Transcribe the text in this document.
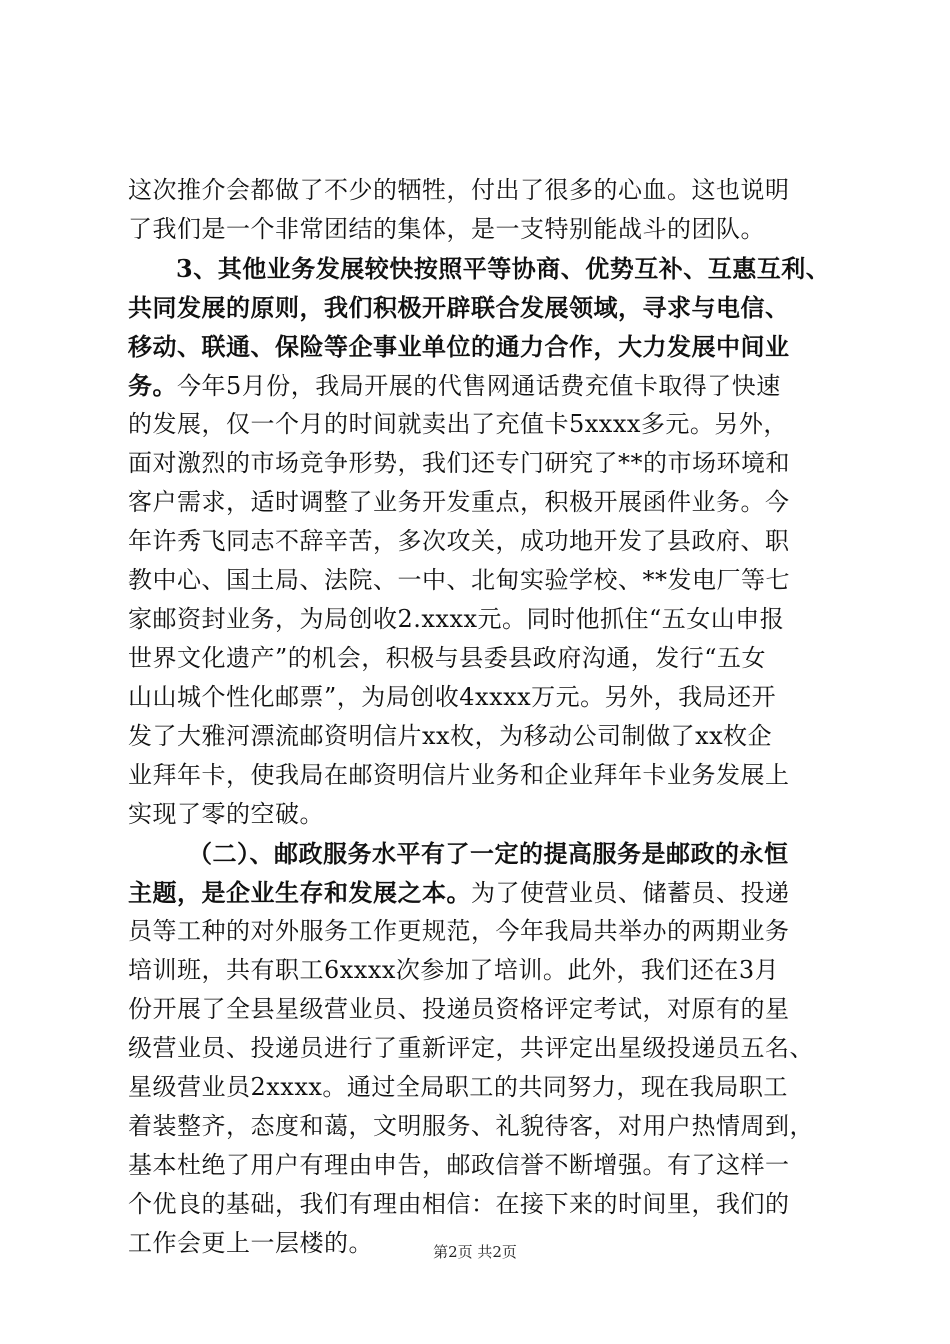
这次推介会都做了不少的牺牲，付出了很多的心血。这也说明
了我们是一个非常团结的集体，是一支特别能战斗的团队。
3、其他业务发展较快按照平等协商、优势互补、互惠互利、
共同发展的原则，我们积极开辟联合发展领域，寻求与电信、
移动、联通、保险等企事业单位的通力合作，大力发展中间业
务。今年5月份，我局开展的代售网通话费充值卡取得了快速
的发展，仅一个月的时间就卖出了充值卡5xxxx多元。另外，
面对激烈的市场竞争形势，我们还专门研究了**的市场环境和
客户需求，适时调整了业务开发重点，积极开展函件业务。今
年许秀飞同志不辞辛苦，多次攻关，成功地开发了县政府、职
教中心、国土局、法院、一中、北甸实验学校、**发电厂等七
家邮资封业务，为局创收2.xxxx元。同时他抓住“五女山申报
世界文化遗产”的机会，积极与县委县政府沟通，发行“五女
山山城个性化邮票”，为局创收4xxxx万元。另外，我局还开
发了大雅河漂流邮资明信片xx枚，为移动公司制做了xx枚企
业拜年卡，使我局在邮资明信片业务和企业拜年卡业务发展上
实现了零的空破。
（二）、邮政服务水平有了一定的提高服务是邮政的永恒
主题，是企业生存和发展之本。为了使营业员、储蓄员、投递
员等工种的对外服务工作更规范，今年我局共举办的两期业务
培训班，共有职工6xxxx次参加了培训。此外，我们还在3月
份开展了全县星级营业员、投递员资格评定考试，对原有的星
级营业员、投递员进行了重新评定，共评定出星级投递员五名、
星级营业员2xxxx。通过全局职工的共同努力，现在我局职工
着装整齐，态度和蔼，文明服务、礼貌待客，对用户热情周到，
基本杜绝了用户有理由申告，邮政信誉不断增强。有了这样一
个优良的基础，我们有理由相信：在接下来的时间里，我们的
工作会更上一层楼的。	第2页 共2页
